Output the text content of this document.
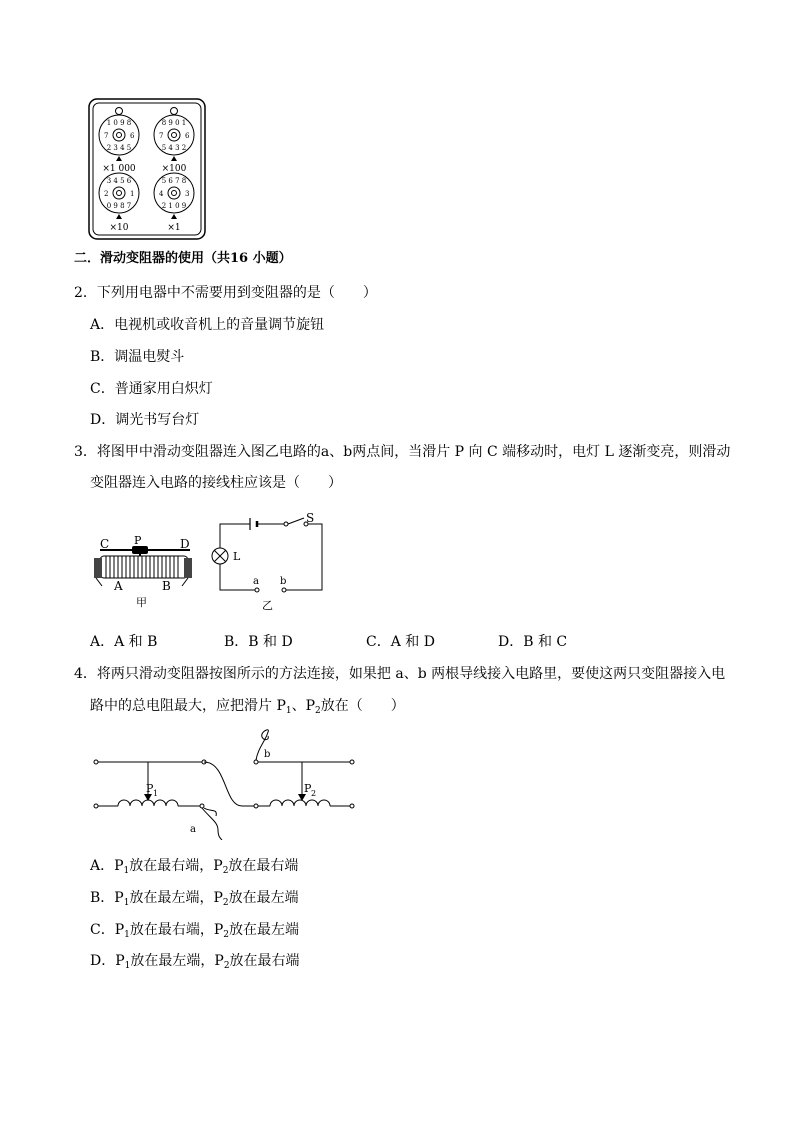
1 0 9 8
2 3 4 5
7	6
×1 000
8 9 0 1
5 4 3 2
7	6
×100
3 4 5 6
0 9 8 7
2	1
×10
5 6 7 8
2 1 0 9
4	3
×1
二．滑动变阻器的使用（共16 小题）
2．下列用电器中不需要用到变阻器的是（　　）
A．电视机或收音机上的音量调节旋钮
B．调温电熨斗
C．普通家用白炽灯
D．调光书写台灯
3．将图甲中滑动变阻器连入图乙电路的a、b两点间，当滑片 P 向 C 端移动时，电灯 L 逐渐变亮，则滑动
变阻器连入电路的接线柱应该是（　　）
C P	D
A	B
甲
S
L
a b
乙
A．A 和 B	B．B 和 D	C．A 和 D	D．B 和 C
4．将两只滑动变阻器按图所示的方法连接，如果把 a、b 两根导线接入电路里，要使这两只变阻器接入电
路中的总电阻最大，应把滑片 $P_1$、$P_2$放在（　　）
P 1
a
P 2
b
A．$P_1$放在最右端，$P_2$放在最右端
B．$P_1$放在最左端，$P_2$放在最左端
C．$P_1$放在最右端，$P_2$放在最左端
D．$P_1$放在最左端，$P_2$放在最右端
